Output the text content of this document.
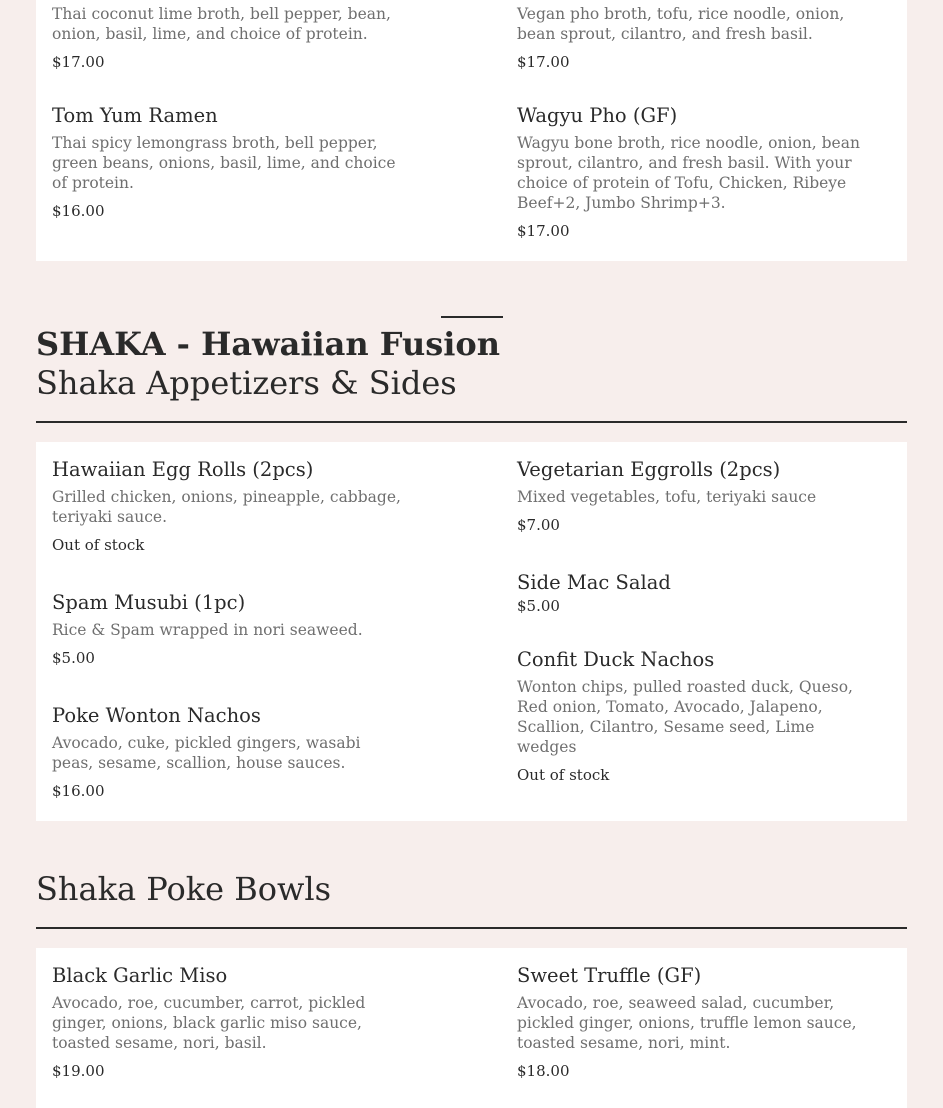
Thai coconut lime broth, bell pepper, bean, onion, basil, lime, and choice of protein.
$17.00
Vegan pho broth, tofu, rice noodle, onion, bean sprout, cilantro, and fresh basil.
$17.00
Tom Yum Ramen
Thai spicy lemongrass broth, bell pepper, green beans, onions, basil, lime, and choice of protein.
$16.00
Wagyu Pho (GF)
Wagyu bone broth, rice noodle, onion, bean sprout, cilantro, and fresh basil. With your choice of protein of Tofu, Chicken, Ribeye Beef+2, Jumbo Shrimp+3.
$17.00
SHAKA - Hawaiian Fusion
Shaka Appetizers & Sides
Hawaiian Egg Rolls (2pcs)
Grilled chicken, onions, pineapple, cabbage, teriyaki sauce.
Out of stock
Vegetarian Eggrolls (2pcs)
Mixed vegetables, tofu, teriyaki sauce
$7.00
Spam Musubi (1pc)
Rice & Spam wrapped in nori seaweed.
$5.00
Side Mac Salad
$5.00
Poke Wonton Nachos
Avocado, cuke, pickled gingers, wasabi peas, sesame, scallion, house sauces.
$16.00
Confit Duck Nachos
Wonton chips, pulled roasted duck, Queso, Red onion, Tomato, Avocado, Jalapeno, Scallion, Cilantro, Sesame seed, Lime wedges
Out of stock
Shaka Poke Bowls
Black Garlic Miso
Avocado, roe, cucumber, carrot, pickled ginger, onions, black garlic miso sauce, toasted sesame, nori, basil.
$19.00
Sweet Truffle (GF)
Avocado, roe, seaweed salad, cucumber, pickled ginger, onions, truffle lemon sauce, toasted sesame, nori, mint.
$18.00
